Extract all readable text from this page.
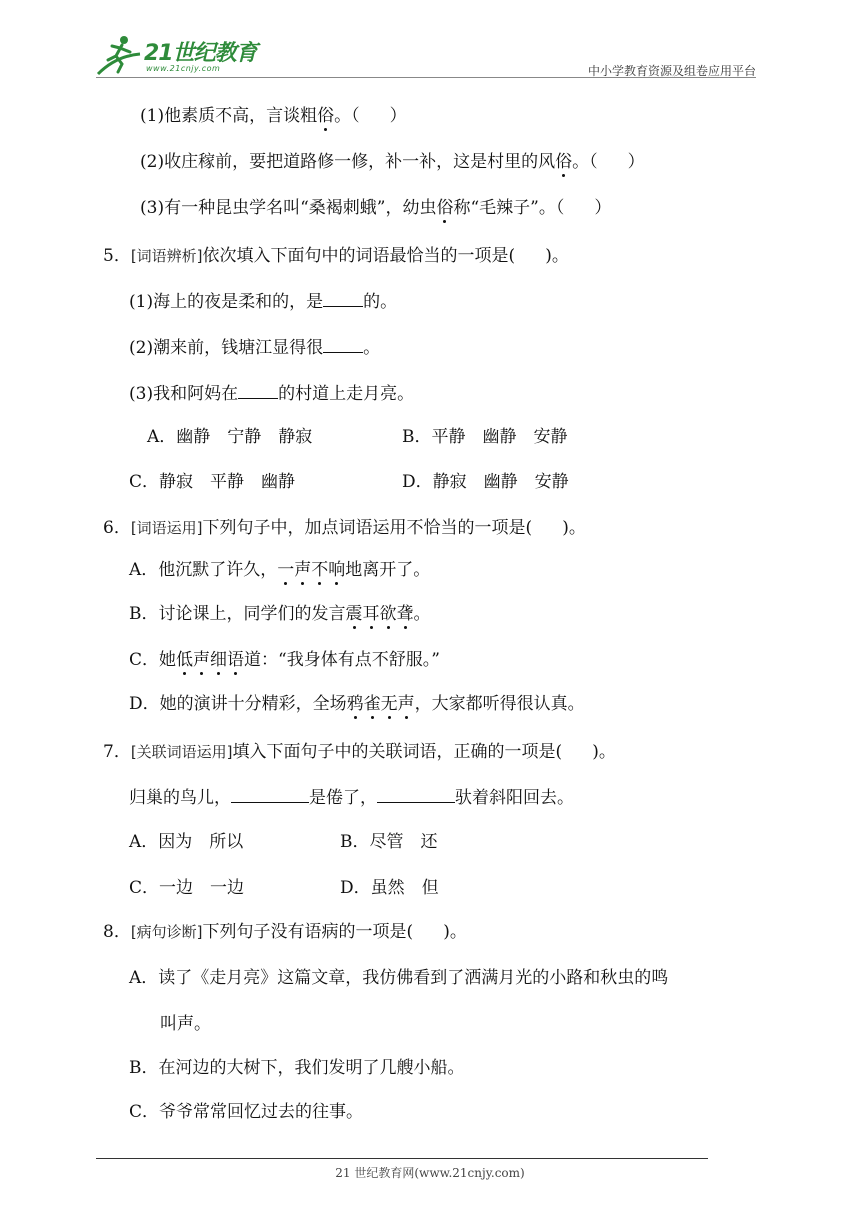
21世纪教育
www.21cnjy.com	中小学教育资源及组卷应用平台
(1)他素质不高，言谈粗俗。（ ）
(2)收庄稼前，要把道路修一修，补一补，这是村里的风俗。（ ）
(3)有一种昆虫学名叫“桑褐刺蛾”，幼虫俗称“毛辣子”。（ ）
5．[词语辨析]依次填入下面句中的词语最恰当的一项是( )。
(1)海上的夜是柔和的，是 的。
(2)潮来前，钱塘江显得很 。
(3)我和阿妈在 的村道上走月亮。
A．幽静　宁静　静寂	B．平静　幽静　安静
C．静寂　平静　幽静	D．静寂　幽静　安静
6．[词语运用]下列句子中，加点词语运用不恰当的一项是( )。
A．他沉默了许久，一声不响地离开了。
B．讨论课上，同学们的发言震耳欲聋。
C．她低声细语道：“我身体有点不舒服。”
D．她的演讲十分精彩，全场鸦雀无声，大家都听得很认真。
7．[关联词语运用]填入下面句子中的关联词语，正确的一项是( )。
归巢的鸟儿，	是倦了，	驮着斜阳回去。
A．因为　所以	B．尽管　还
C．一边　一边	D．虽然　但
8．[病句诊断]下列句子没有语病的一项是( )。
A．读了《走月亮》这篇文章，我仿佛看到了洒满月光的小路和秋虫的鸣
叫声。
B．在河边的大树下，我们发明了几艘小船。
C．爷爷常常回忆过去的往事。
21 世纪教育网(www.21cnjy.com)
